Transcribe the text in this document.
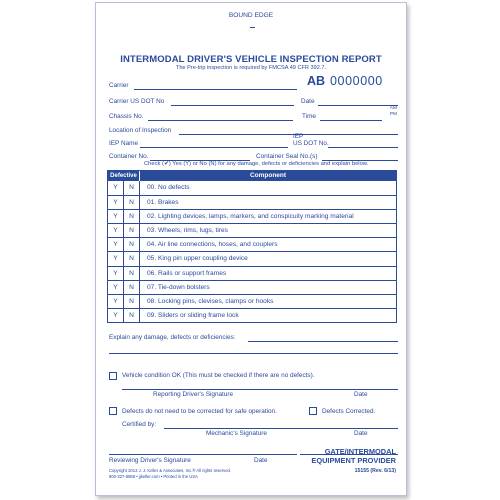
BOUND EDGE
INTERMODAL DRIVER'S VEHICLE INSPECTION REPORT
The Pre-trip inspection is required by FMCSA 49 CFR 392.7.
Carrier	AB 0000000
Carrier US DOT No	Date
Chassis No.	Time
AM
PM
Location of Inspection
IEP Name
IEP
US DOT No.
Container No.	Container Seal No.(s)
Check (✔) Yes (Y) or No (N) for any damage, defects or deficiencies and explain below.
Defective	Component
Y	N	00. No defects
Y	N	01. Brakes
Y	N	02. Lighting devices, lamps, markers, and conspicuity marking material
Y	N	03. Wheels, rims, lugs, tires
Y	N	04. Air line connections, hoses, and couplers
Y	N	05. King pin upper coupling device
Y	N	06. Rails or support frames
Y	N	07. Tie-down bolsters
Y	N	08. Locking pins, clevises, clamps or hooks
Y	N	09. Sliders or sliding frame lock
Explain any damage, defects or deficiencies:
Vehicle condition OK (This must be checked if there are no defects).
Reporting Driver's Signature	Date
Defects do not need to be corrected for safe operation.	Defects Corrected.
Certified by:
Mechanic's Signature	Date
Reviewing Driver's Signature	Date
GATE/INTERMODAL
EQUIPMENT PROVIDER
15155 (Rev. 6/13)
Copyright 2013 J. J. Keller & Associates, Inc.® All rights reserved.
800-327-6868 • jjkeller.com • Printed in the USA
